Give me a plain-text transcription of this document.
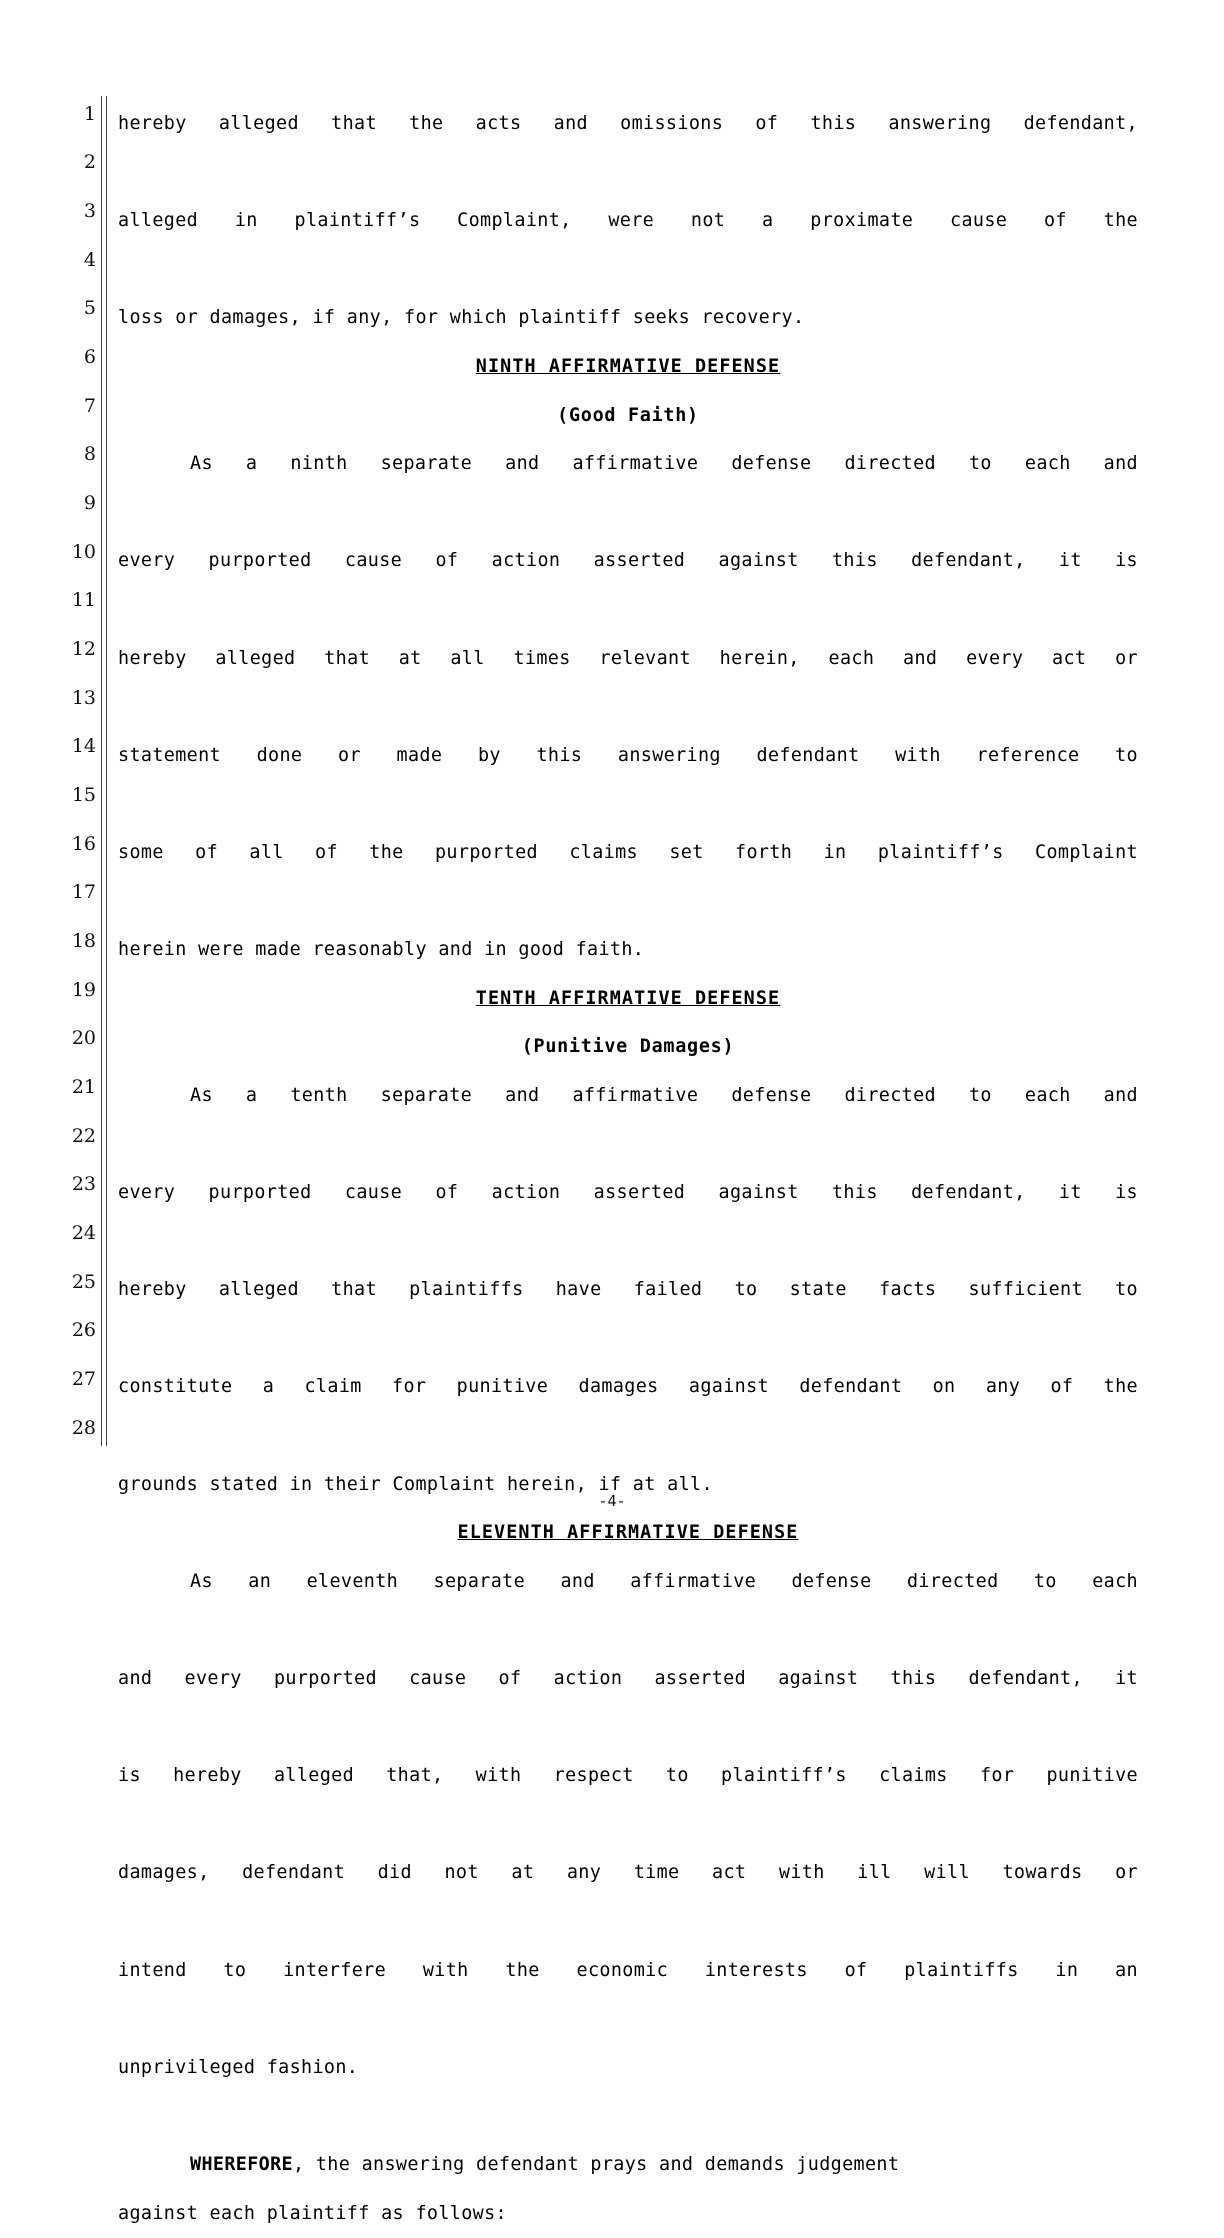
1
2
3
4
5
6
7
8
9
10
11
12
13
14
15
16
17
18
19
20
21
22
23
24
25
26
27
28
hereby alleged that the acts and omissions of this answering defendant,
alleged in plaintiff’s Complaint, were not a proximate cause of the
loss or damages, if any, for which plaintiff seeks recovery.
NINTH AFFIRMATIVE DEFENSE
(Good Faith)
As a ninth separate and affirmative defense directed to each and
every purported cause of action asserted against this defendant, it is
hereby alleged that at all times relevant herein, each and every act or
statement done or made by this answering defendant with reference to
some of all of the purported claims set forth in plaintiff’s Complaint
herein were made reasonably and in good faith.
TENTH AFFIRMATIVE DEFENSE
(Punitive Damages)
As a tenth separate and affirmative defense directed to each and
every purported cause of action asserted against this defendant, it is
hereby alleged that plaintiffs have failed to state facts sufficient to
constitute a claim for punitive damages against defendant on any of the
grounds stated in their Complaint herein, if at all.
ELEVENTH AFFIRMATIVE DEFENSE
As an eleventh separate and affirmative defense directed to each
and every purported cause of action asserted against this defendant, it
is hereby alleged that, with respect to plaintiff’s claims for punitive
damages, defendant did not at any time act with ill will towards or
intend to interfere with the economic interests of plaintiffs in an
unprivileged fashion.
WHEREFORE, the answering defendant prays and demands judgement
against each plaintiff as follows:
-4-
